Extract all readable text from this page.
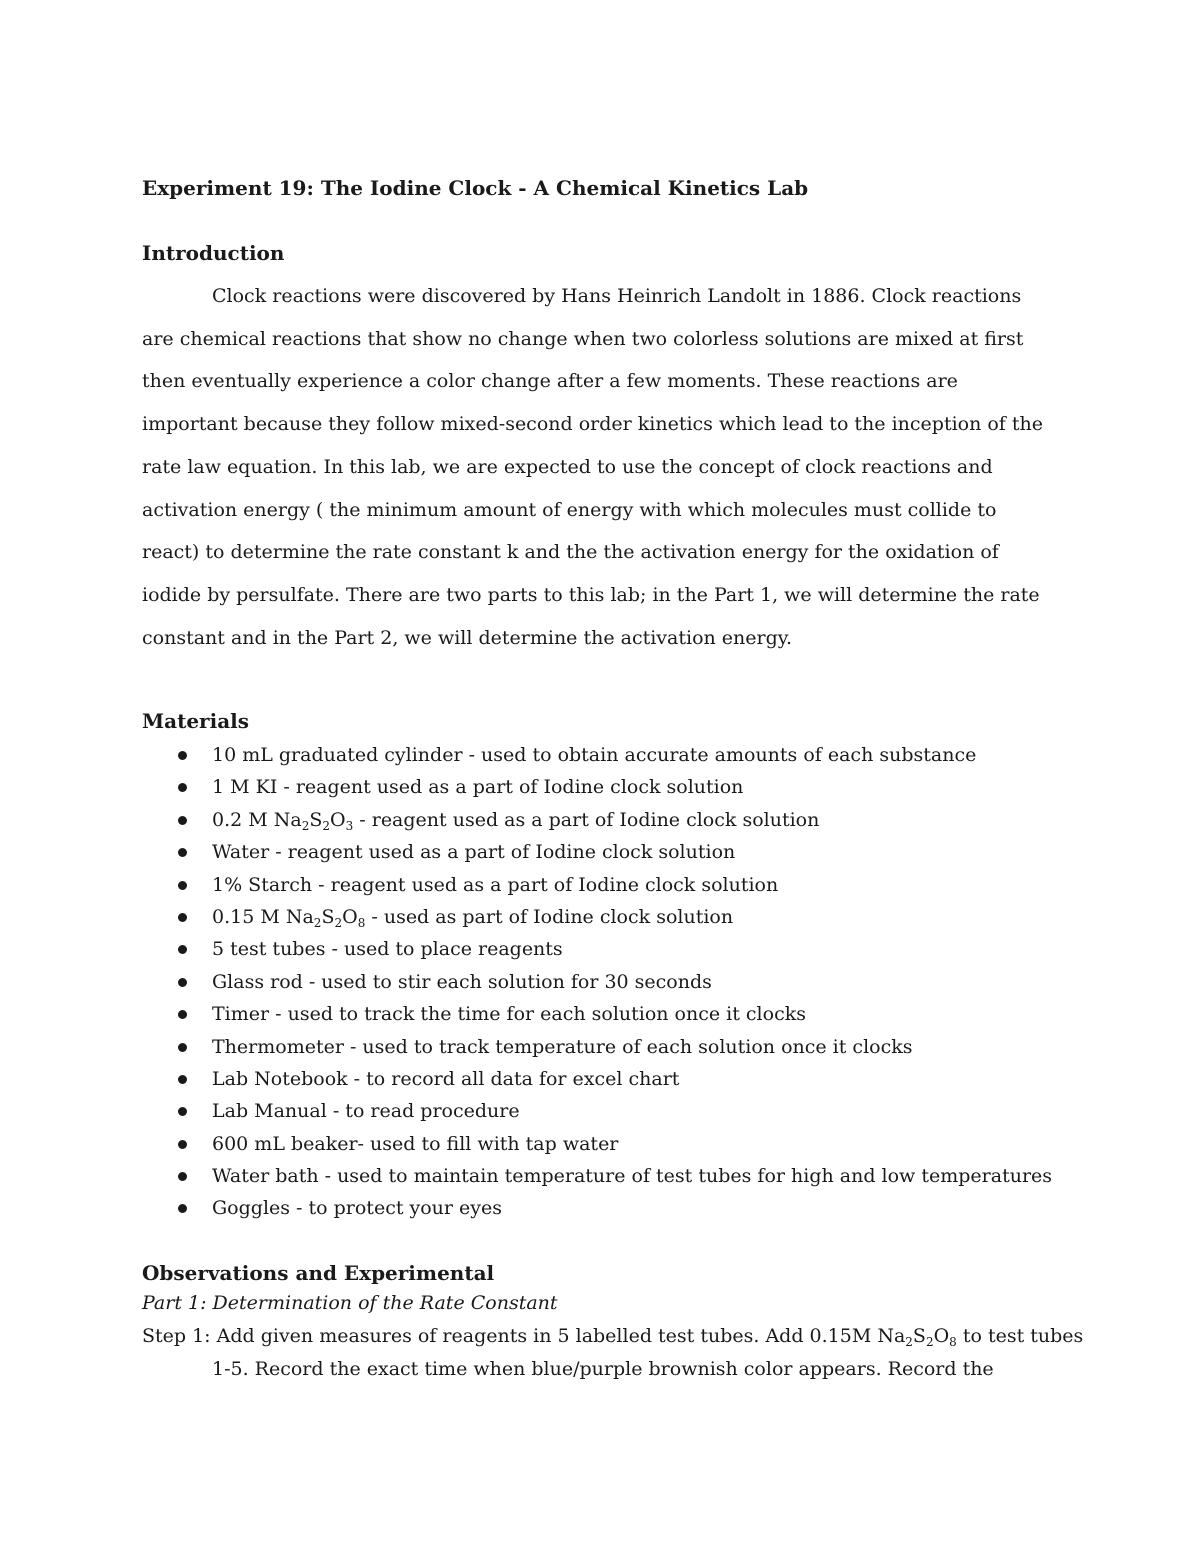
Experiment 19: The Iodine Clock - A Chemical Kinetics Lab
Introduction

Clock reactions were discovered by Hans Heinrich Landolt in 1886. Clock reactions are chemical reactions that show no change when two colorless solutions are mixed at first then eventually experience a color change after a few moments. These reactions are important because they follow mixed-second order kinetics which lead to the inception of the rate law equation. In this lab, we are expected to use the concept of clock reactions and activation energy ( the minimum amount of energy with which molecules must collide to react) to determine the rate constant k and the the activation energy for the oxidation of iodide by persulfate. There are two parts to this lab; in the Part 1, we will determine the rate constant and in the Part 2, we will determine the activation energy.

Materials
10 mL graduated cylinder - used to obtain accurate amounts of each substance
1 M KI - reagent used as a part of Iodine clock solution
0.2 M $Na_2S_2O_3$ - reagent used as a part of Iodine clock solution
Water - reagent used as a part of Iodine clock solution
1% Starch - reagent used as a part of Iodine clock solution
0.15 M $Na_2S_2O_8$ - used as part of Iodine clock solution
5 test tubes - used to place reagents
Glass rod - used to stir each solution for 30 seconds
Timer - used to track the time for each solution once it clocks
Thermometer - used to track temperature of each solution once it clocks
Lab Notebook - to record all data for excel chart
Lab Manual - to read procedure
600 mL beaker- used to fill with tap water
Water bath - used to maintain temperature of test tubes for high and low temperatures
Goggles - to protect your eyes
Observations and Experimental
Part 1: Determination of the Rate Constant
Step 1: Add given measures of reagents in 5 labelled test tubes. Add 0.15M $Na_2S_2O_8$ to test tubes
1-5. Record the exact time when blue/purple brownish color appears. Record the
